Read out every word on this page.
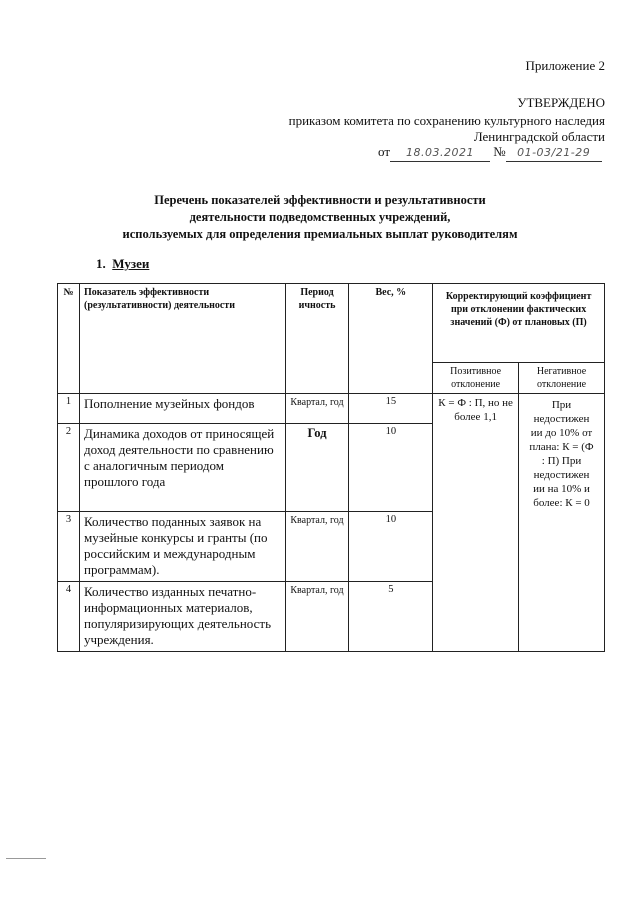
Приложение 2
УТВЕРЖДЕНО
приказом комитета по сохранению культурного наследия
Ленинградской области
от 18.03.2021 № 01-03/21-29
Перечень показателей эффективности и результативности
деятельности подведомственных учреждений,
используемых для определения премиальных выплат руководителям
1. Музеи
№	Показатель эффективности (результативности) деятельности	Период ичность	Вес, %	Корректирующий коэффициент при отклонении фактических значений (Ф) от плановых (П)	
				Позитивное отклонение	Негативное отклонение
1	Пополнение музейных фондов	Квартал, год	15	К = Ф : П, но не более 1,1	При недостижен ии до 10% от плана: К = (Ф : П) При недостижен ии на 10% и более: К = 0
2	Динамика доходов от приносящей доход деятельности по сравнению с аналогичным периодом прошлого года	Год	10		
3	Количество поданных заявок на музейные конкурсы и гранты (по российским и международным программам).	Квартал, год	10		
4	Количество изданных печатно-информационных материалов, популяризирующих деятельность учреждения.	Квартал, год	5		
